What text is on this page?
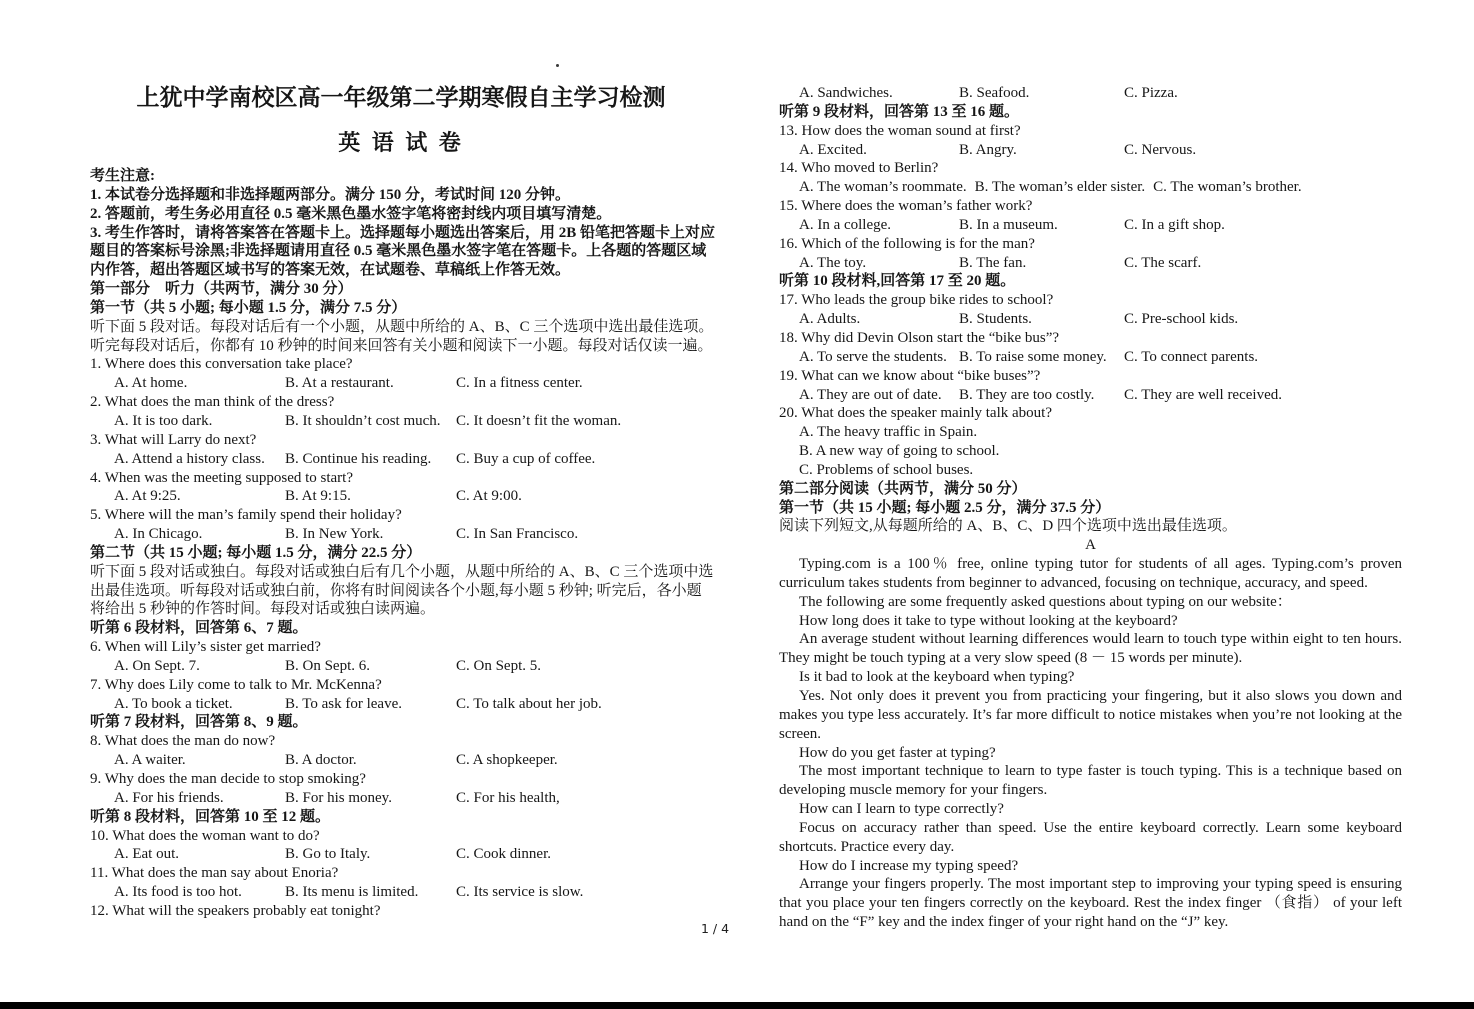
上犹中学南校区高一年级第二学期寒假自主学习检测
英 语 试 卷
考生注意:
1. 本试卷分选择题和非选择题两部分。满分 150 分，考试时间 120 分钟。
2. 答题前，考生务必用直径 0.5 毫米黑色墨水签字笔将密封线内项目填写清楚。
3. 考生作答时，请将答案答在答题卡上。选择题每小题选出答案后，用 2B 铅笔把答题卡上对应
题目的答案标号涂黑;非选择题请用直径 0.5 毫米黑色墨水签字笔在答题卡。上各题的答题区域
内作答，超出答题区域书写的答案无效，在试题卷、草稿纸上作答无效。
第一部分　听力（共两节，满分 30 分）
第一节（共 5 小题; 每小题 1.5 分，满分 7.5 分）
听下面 5 段对话。每段对话后有一个小题，从题中所给的 A、B、C 三个选项中选出最佳选项。
听完每段对话后，你都有 10 秒钟的时间来回答有关小题和阅读下一小题。每段对话仅读一遍。
1. Where does this conversation take place?
A. At home.	B. At a restaurant.	C. In a fitness center.
2. What does the man think of the dress?
A. It is too dark.	B. It shouldn’t cost much.	C. It doesn’t fit the woman.
3. What will Larry do next?
A. Attend a history class.	B. Continue his reading.	C. Buy a cup of coffee.
4. When was the meeting supposed to start?
A. At 9:25.	B. At 9:15.	C. At 9:00.
5. Where will the man’s family spend their holiday?
A. In Chicago.	B. In New York.	C. In San Francisco.
第二节（共 15 小题; 每小题 1.5 分，满分 22.5 分）
听下面 5 段对话或独白。每段对话或独白后有几个小题，从题中所给的 A、B、C 三个选项中选
出最佳选项。听每段对话或独白前，你将有时间阅读各个小题,每小题 5 秒钟; 听完后，各小题
将给出 5 秒钟的作答时间。每段对话或独白读两遍。
听第 6 段材料，回答第 6、7 题。
6. When will Lily’s sister get married?
A. On Sept. 7.	B. On Sept. 6.	C. On Sept. 5.
7. Why does Lily come to talk to Mr. McKenna?
A. To book a ticket.	B. To ask for leave.	C. To talk about her job.
听第 7 段材料，回答第 8、9 题。
8. What does the man do now?
A. A waiter.	B. A doctor.	C. A shopkeeper.
9. Why does the man decide to stop smoking?
A. For his friends.	B. For his money.	C. For his health,
听第 8 段材料，回答第 10 至 12 题。
10. What does the woman want to do?
A. Eat out.	B. Go to Italy.	C. Cook dinner.
11. What does the man say about Enoria?
A. Its food is too hot.	B. Its menu is limited.	C. Its service is slow.
12. What will the speakers probably eat tonight?
A. Sandwiches.	B. Seafood.	C. Pizza.
听第 9 段材料，回答第 13 至 16 题。
13. How does the woman sound at first?
A. Excited.	B. Angry.	C. Nervous.
14. Who moved to Berlin?
A. The woman’s roommate. B. The woman’s elder sister. C. The woman’s brother.
15. Where does the woman’s father work?
A. In a college.	B. In a museum.	C. In a gift shop.
16. Which of the following is for the man?
A. The toy.	B. The fan.	C. The scarf.
听第 10 段材料,回答第 17 至 20 题。
17. Who leads the group bike rides to school?
A. Adults.	B. Students.	C. Pre-school kids.
18. Why did Devin Olson start the “bike bus”?
A. To serve the students. B. To raise some money.	C. To connect parents.
19. What can we know about “bike buses”?
A. They are out of date.	B. They are too costly.	C. They are well received.
20. What does the speaker mainly talk about?
A. The heavy traffic in Spain.
B. A new way of going to school.
C. Problems of school buses.
第二部分阅读（共两节，满分 50 分）
第一节（共 15 小题; 每小题 2.5 分，满分 37.5 分）
阅读下列短文,从每题所给的 A、B、C、D 四个选项中选出最佳选项。
A
Typing.com is a 100％ free, online typing tutor for students of all ages. Typing.com’s proven
curriculum takes students from beginner to advanced, focusing on technique, accuracy, and speed.
The following are some frequently asked questions about typing on our website：
How long does it take to type without looking at the keyboard?
An average student without learning differences would learn to touch type within eight to ten hours.
They might be touch typing at a very slow speed (8 － 15 words per minute).
Is it bad to look at the keyboard when typing?
Yes. Not only does it prevent you from practicing your fingering, but it also slows you down and
makes you type less accurately. It’s far more difficult to notice mistakes when you’re not looking at the
screen.
How do you get faster at typing?
The most important technique to learn to type faster is touch typing. This is a technique based on
developing muscle memory for your fingers.
How can I learn to type correctly?
Focus on accuracy rather than speed. Use the entire keyboard correctly. Learn some keyboard
shortcuts. Practice every day.
How do I increase my typing speed?
Arrange your fingers properly. The most important step to improving your typing speed is ensuring
that you place your ten fingers correctly on the keyboard. Rest the index finger （食指） of your left
hand on the “F” key and the index finger of your right hand on the “J” key.
1 / 4
